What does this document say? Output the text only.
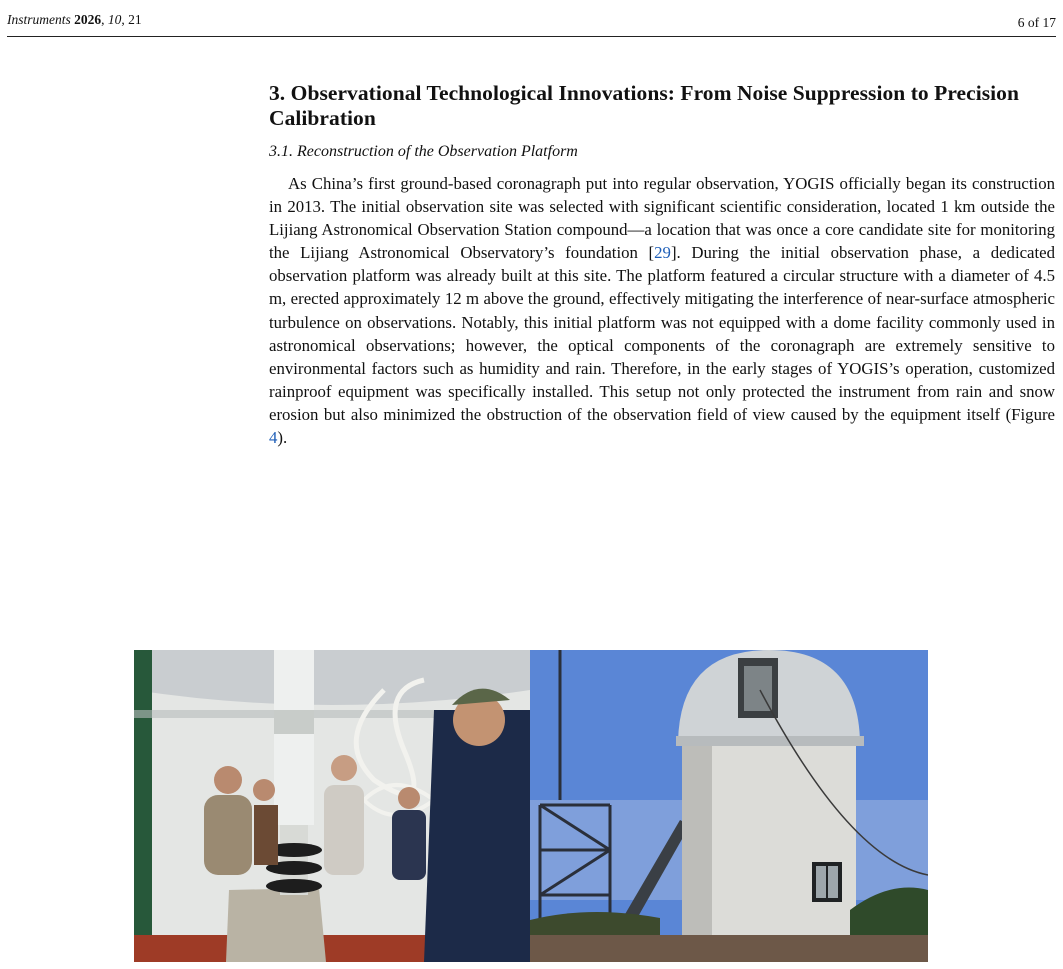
Instruments 2026, 10, 21	6 of 17
3. Observational Technological Innovations: From Noise Suppression to Precision Calibration
3.1. Reconstruction of the Observation Platform

As China’s first ground-based coronagraph put into regular observation, YOGIS officially began its construction in 2013. The initial observation site was selected with significant scientific consideration, located 1 km outside the Lijiang Astronomical Observation Station compound—a location that was once a core candidate site for monitoring the Lijiang Astronomical Observatory’s foundation [29]. During the initial observation phase, a dedicated observation platform was already built at this site. The platform featured a circular structure with a diameter of 4.5 m, erected approximately 12 m above the ground, effectively mitigating the interference of near-surface atmospheric turbulence on observations. Notably, this initial platform was not equipped with a dome facility commonly used in astronomical observations; however, the optical components of the coronagraph are extremely sensitive to environmental factors such as humidity and rain. Therefore, in the early stages of YOGIS’s operation, customized rainproof equipment was specifically installed. This setup not only protected the instrument from rain and snow erosion but also minimized the obstruction of the observation field of view caused by the equipment itself (Figure 4).
